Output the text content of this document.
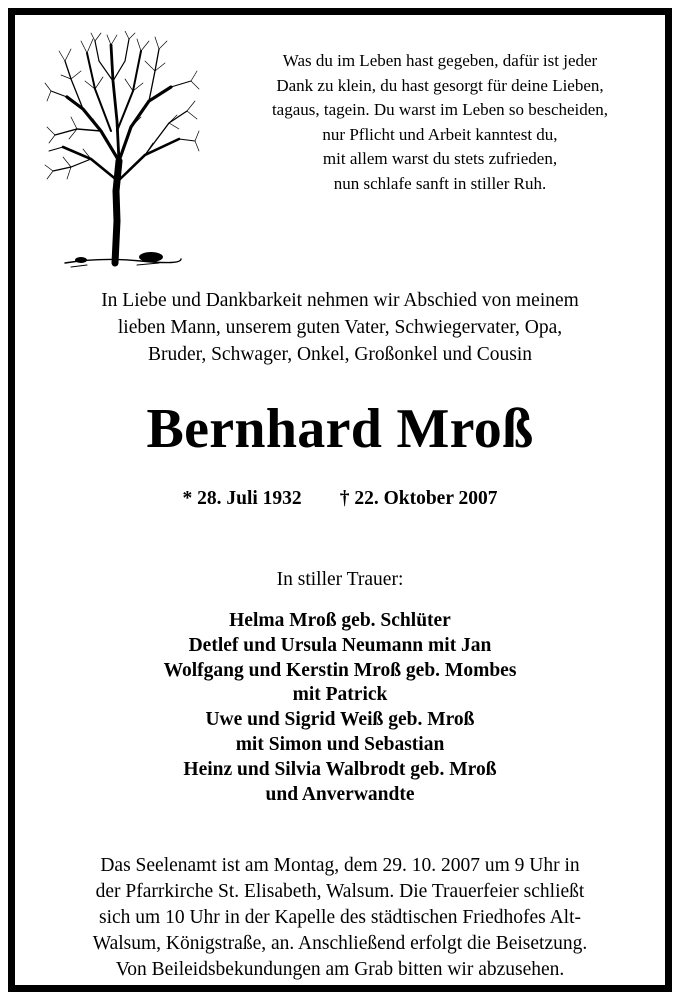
Was du im Leben hast gegeben, dafür ist jeder
Dank zu klein, du hast gesorgt für deine Lieben,
tagaus, tagein. Du warst im Leben so bescheiden,
nur Pflicht und Arbeit kanntest du,
mit allem warst du stets zufrieden,
nun schlafe sanft in stiller Ruh.
In Liebe und Dankbarkeit nehmen wir Abschied von meinem
lieben Mann, unserem guten Vater, Schwiegervater, Opa,
Bruder, Schwager, Onkel, Großonkel und Cousin
Bernhard Mroß
* 28. Juli 1932 † 22. Oktober 2007
In stiller Trauer:
Helma Mroß geb. Schlüter
Detlef und Ursula Neumann mit Jan
Wolfgang und Kerstin Mroß geb. Mombes
mit Patrick
Uwe und Sigrid Weiß geb. Mroß
mit Simon und Sebastian
Heinz und Silvia Walbrodt geb. Mroß
und Anverwandte
Das Seelenamt ist am Montag, dem 29. 10. 2007 um 9 Uhr in
der Pfarrkirche St. Elisabeth, Walsum. Die Trauerfeier schließt
sich um 10 Uhr in der Kapelle des städtischen Friedhofes Alt-
Walsum, Königstraße, an. Anschließend erfolgt die Beisetzung.
Von Beileidsbekundungen am Grab bitten wir abzusehen.
